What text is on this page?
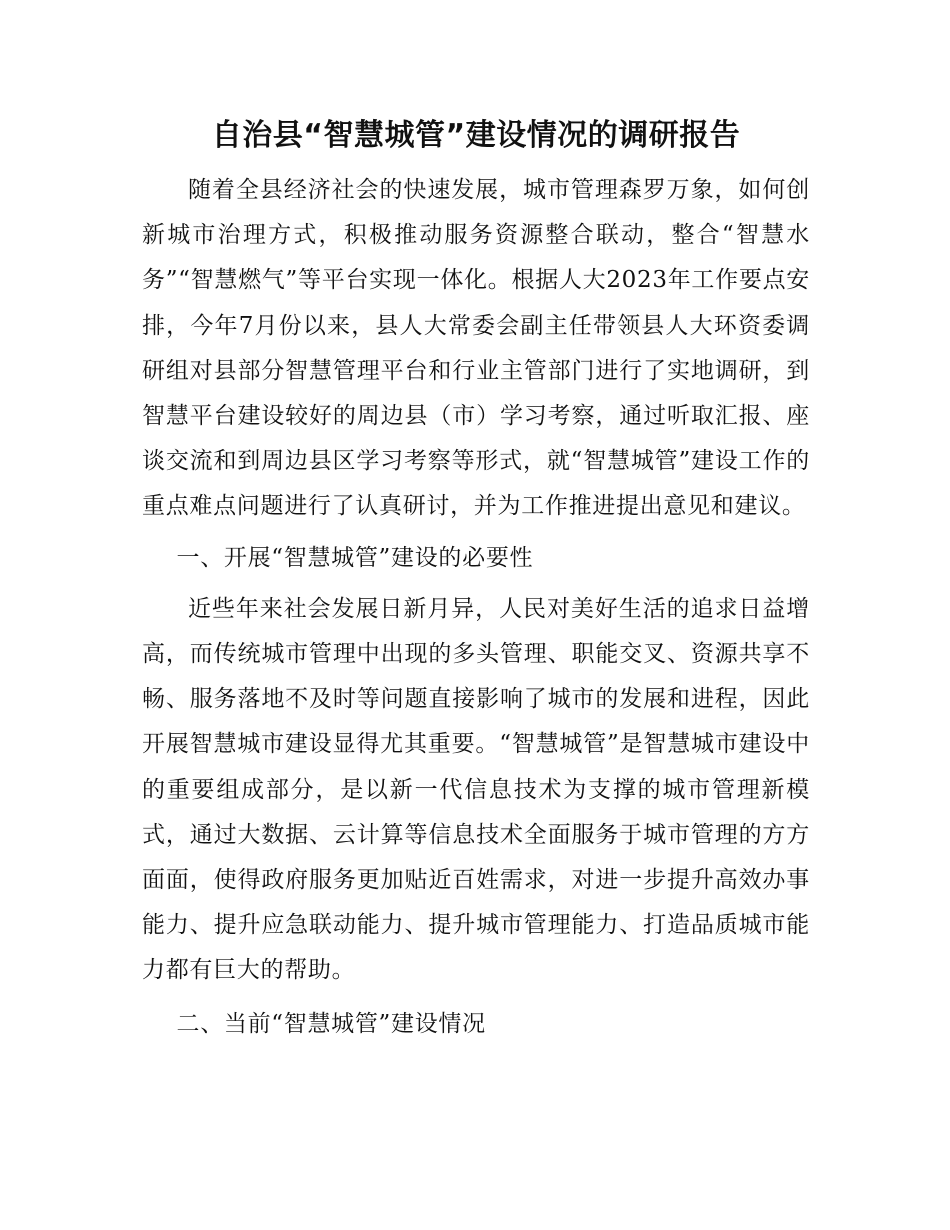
自治县“智慧城管”建设情况的调研报告

随着全县经济社会的快速发展，城市管理森罗万象，如何创新城市治理方式，积极推动服务资源整合联动，整合“智慧水务”“智慧燃气”等平台实现一体化。根据人大2023年工作要点安排，今年7月份以来，县人大常委会副主任带领县人大环资委调研组对县部分智慧管理平台和行业主管部门进行了实地调研，到智慧平台建设较好的周边县（市）学习考察，通过听取汇报、座谈交流和到周边县区学习考察等形式，就“智慧城管”建设工作的重点难点问题进行了认真研讨，并为工作推进提出意见和建议。

一、开展“智慧城管”建设的必要性

近些年来社会发展日新月异，人民对美好生活的追求日益增高，而传统城市管理中出现的多头管理、职能交叉、资源共享不畅、服务落地不及时等问题直接影响了城市的发展和进程，因此开展智慧城市建设显得尤其重要。“智慧城管”是智慧城市建设中的重要组成部分，是以新一代信息技术为支撑的城市管理新模式，通过大数据、云计算等信息技术全面服务于城市管理的方方面面，使得政府服务更加贴近百姓需求，对进一步提升高效办事能力、提升应急联动能力、提升城市管理能力、打造品质城市能力都有巨大的帮助。

二、当前“智慧城管”建设情况
